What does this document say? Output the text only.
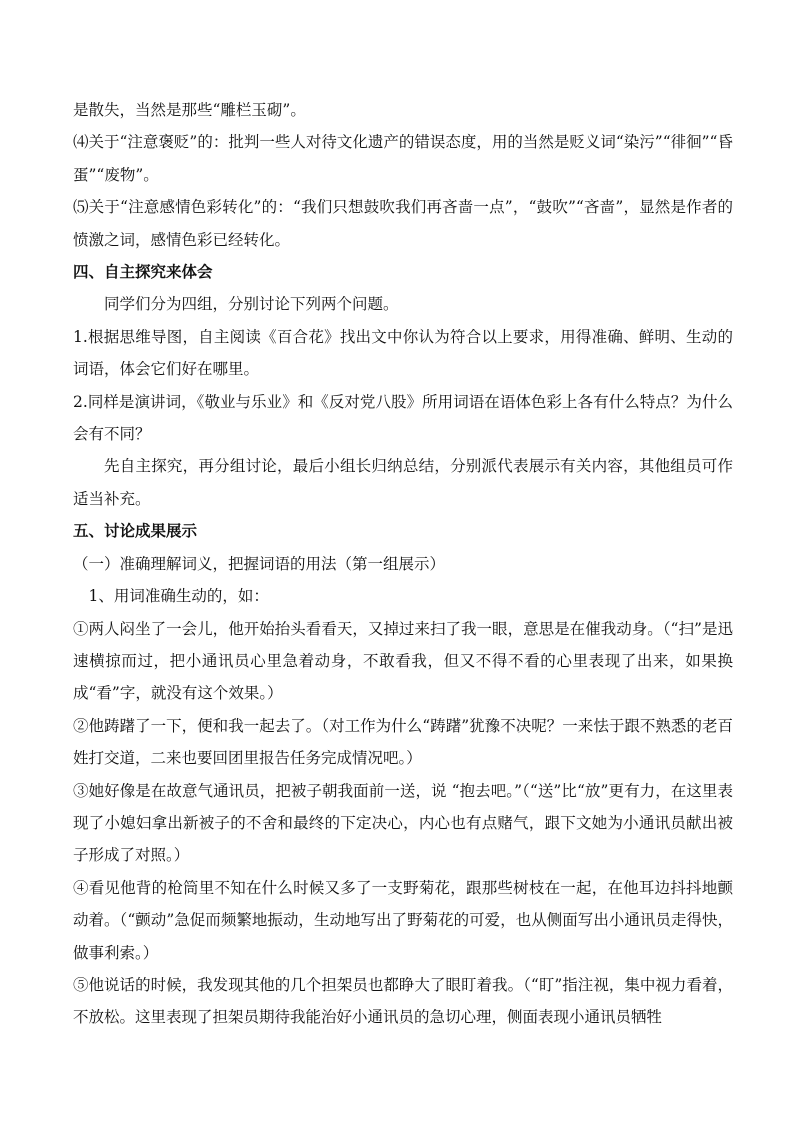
是散失，当然是那些“雕栏玉砌”。

⑷关于“注意褒贬”的：批判一些人对待文化遗产的错误态度，用的当然是贬义词“染污”“徘徊”“昏蛋”“废物”。

⑸关于“注意感情色彩转化”的：“我们只想鼓吹我们再吝啬一点”，“鼓吹”“吝啬”，显然是作者的愤激之词，感情色彩已经转化。

四、自主探究来体会

同学们分为四组，分别讨论下列两个问题。

1.根据思维导图，自主阅读《百合花》找出文中你认为符合以上要求，用得准确、鲜明、生动的词语，体会它们好在哪里。

2.同样是演讲词，《敬业与乐业》和《反对党八股》所用词语在语体色彩上各有什么特点？为什么会有不同？

先自主探究，再分组讨论，最后小组长归纳总结，分别派代表展示有关内容，其他组员可作适当补充。

五、讨论成果展示

（一）准确理解词义，把握词语的用法（第一组展示）

1、用词准确生动的，如：

①两人闷坐了一会儿，他开始抬头看看天，又掉过来扫了我一眼，意思是在催我动身。（“扫”是迅速横掠而过，把小通讯员心里急着动身，不敢看我，但又不得不看的心里表现了出来，如果换成“看”字，就没有这个效果。）

②他踌躇了一下，便和我一起去了。（对工作为什么“踌躇”犹豫不决呢？一来怯于跟不熟悉的老百姓打交道，二来也要回团里报告任务完成情况吧。）

③她好像是在故意气通讯员，把被子朝我面前一送，说 “抱去吧。”（“送”比“放”更有力，在这里表现了小媳妇拿出新被子的不舍和最终的下定决心，内心也有点赌气，跟下文她为小通讯员献出被子形成了对照。）

④看见他背的枪筒里不知在什么时候又多了一支野菊花，跟那些树枝在一起，在他耳边抖抖地颤动着。（“颤动”急促而频繁地振动，生动地写出了野菊花的可爱，也从侧面写出小通讯员走得快，做事利索。）

⑤他说话的时候，我发现其他的几个担架员也都睁大了眼盯着我。（“盯”指注视，集中视力看着，不放松。这里表现了担架员期待我能治好小通讯员的急切心理，侧面表现小通讯员牺牲
